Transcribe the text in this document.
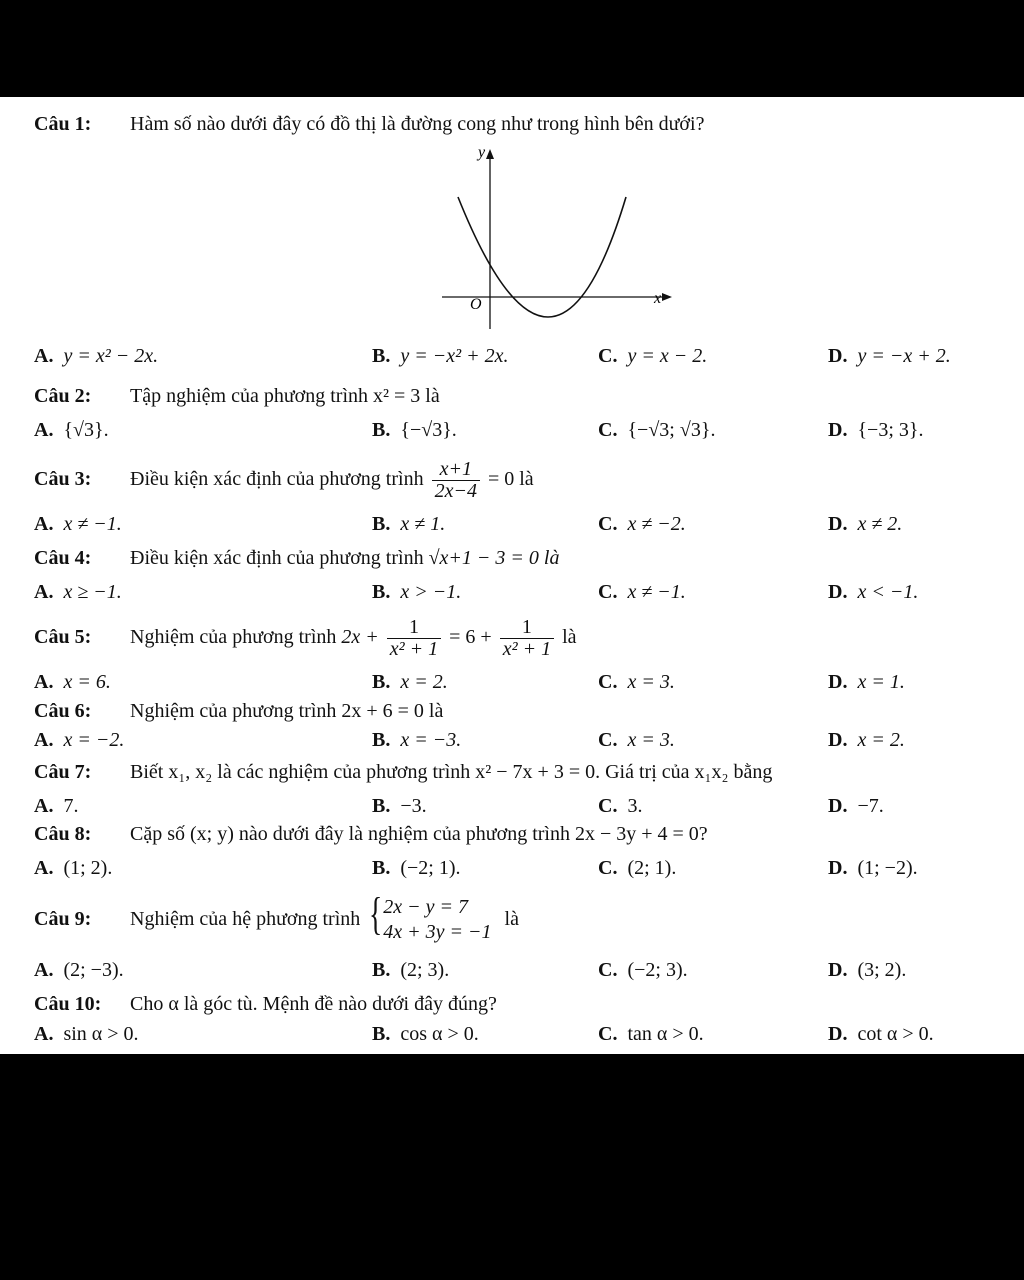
Câu 1: Hàm số nào dưới đây có đồ thị là đường cong như trong hình bên dưới?
y
x
O
A. y = x² − 2x.	B. y = −x² + 2x.	C. y = x − 2.	D. y = −x + 2.
Câu 2: Tập nghiệm của phương trình x² = 3 là
A. {√3}.	B. {−√3}.	C. {−√3; √3}.	D. {−3; 3}.
Câu 3: Điều kiện xác định của phương trình $\frac{x+1}{2x-4} = 0$ là
A. x ≠ −1.	B. x ≠ 1.	C. x ≠ −2.	D. x ≠ 2.
Câu 4: Điều kiện xác định của phương trình √x+1 − 3 = 0 là
A. x ≥ −1.	B. x > −1.	C. x ≠ −1.	D. x < −1.
Câu 5: Nghiệm của phương trình $2x + \frac{1}{\text{x² + 1}} = 6 + \frac{1}{\text{x² + 1}}$ là
A. x = 6.	B. x = 2.	C. x = 3.	D. x = 1.
Câu 6: Nghiệm của phương trình 2x + 6 = 0 là
A. x = −2.	B. x = −3.	C. x = 3.	D. x = 2.
Câu 7: Biết x₁, x₂ là các nghiệm của phương trình x² − 7x + 3 = 0. Giá trị của x₁x₂ bằng
A. 7.	B. −3.	C. 3.	D. −7.
Câu 8: Cặp số (x; y) nào dưới đây là nghiệm của phương trình 2x − 3y + 4 = 0?
A. (1; 2).	B. (−2; 1).	C. (2; 1).	D. (1; −2).
Câu 9: Nghiệm của hệ phương trình { 2x − y = 7
4x + 3y = −1
là
A. (2; −3).	B. (2; 3).	C. (−2; 3).	D. (3; 2).
Câu 10: Cho α là góc tù. Mệnh đề nào dưới đây đúng?
A. sin α > 0.	B. cos α > 0.	C. tan α > 0.	D. cot α > 0.
